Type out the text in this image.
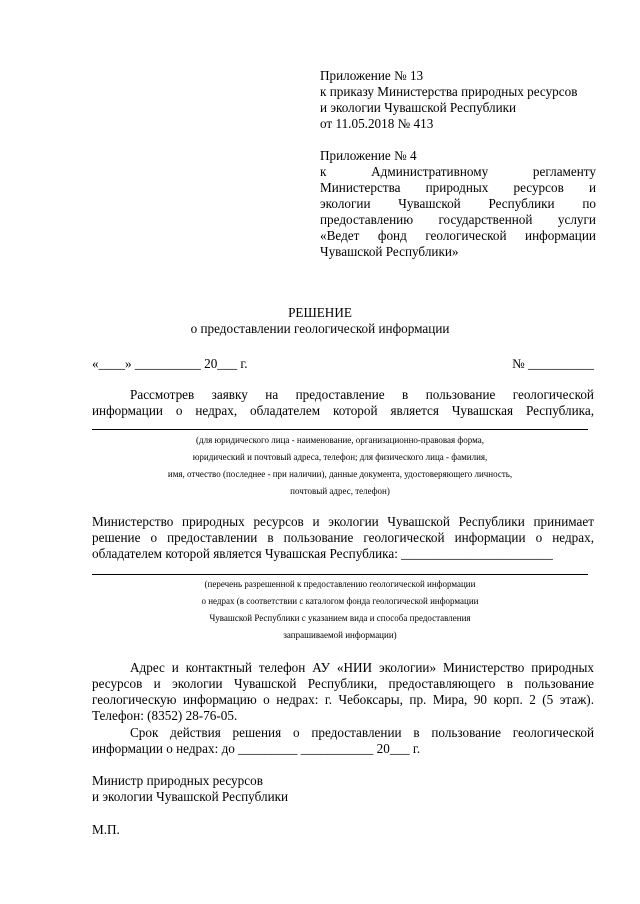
Приложение № 13
к приказу Министерства природных ресурсов
и экологии Чувашской Республики
от 11.05.2018 № 413
Приложение № 4
к	Административному	регламенту
Министерства природных ресурсов и
экологии Чувашской Республики по
предоставлению государственной услуги
«Ведет фонд геологической информации
Чувашской Республики»
РЕШЕНИЕ
о предоставлении геологической информации
«____» __________ 20___ г.	№ __________
Рассмотрев заявку на предоставление в пользование геологической
информации о недрах, обладателем которой является Чувашская Республика,
(для юридического лица - наименование, организационно-правовая форма,
юридический и почтовый адреса, телефон; для физического лица - фамилия,
имя, отчество (последнее - при наличии), данные документа, удостоверяющего личность,
почтовый адрес, телефон)
Министерство природных ресурсов и экологии Чувашской Республики принимает
решение о предоставлении в пользование геологической информации о недрах,
обладателем которой является Чувашская Республика: _______________________
(перечень разрешенной к предоставлению геологической информации
о недрах (в соответствии с каталогом фонда геологической информации
Чувашской Республики с указанием вида и способа предоставления
запрашиваемой информации)
Адрес и контактный телефон АУ «НИИ экологии» Министерство природных
ресурсов и экологии Чувашской Республики, предоставляющего в пользование
геологическую информацию о недрах: г. Чебоксары, пр. Мира, 90 корп. 2 (5 этаж).
Телефон: (8352) 28-76-05.
Срок действия решения о предоставлении в пользование геологической
информации о недрах: до _________ ___________ 20___ г.
Министр природных ресурсов
и экологии Чувашской Республики
М.П.
